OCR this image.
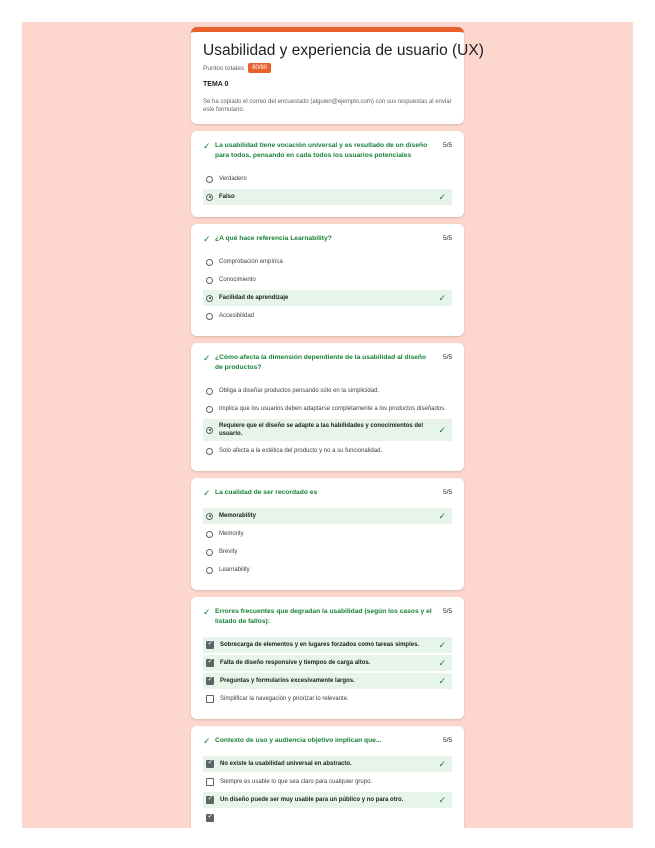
Usabilidad y experiencia de usuario (UX)
Puntos totales	80/80
TEMA 0
Se ha copiado el correo del encuestado (alguien@ejemplo.com) con sus respuestas al enviar este formulario.
✓ La usabilidad tiene vocación universal y es resultado de un diseño para todos, pensando en cada todos los usuarios potenciales
5/5
Verdadero
Falso	✓
✓ ¿A qué hace referencia Learnability?	5/5
Comprobación empírica
Conocimiento
Facilidad de aprendizaje	✓
Accesibilidad
✓ ¿Cómo afecta la dimensión dependiente de la usabilidad al diseño de productos?
5/5
Obliga a diseñar productos pensando sólo en la simplicidad.
Implica que los usuarios deben adaptarse completamente a los productos diseñados.
Requiere que el diseño se adapte a las habilidades y conocimientos del usuario.	✓
Solo afecta a la estética del producto y no a su funcionalidad.
✓ La cualidad de ser recordado es	5/5
Memorability	✓
Memority
Brevity
Learnability
✓ Errores frecuentes que degradan la usabilidad (según los casos y el listado de fallos):
5/5
✓
Sobrecarga de elementos y en lugares forzados como tareas simples.	✓
✓
Falta de diseño responsive y tiempos de carga altos.	✓
✓
Preguntas y formularios excesivamente largos.	✓
Simplificar la navegación y priorizar lo relevante.
✓ Contexto de uso y audiencia objetivo implican que...	5/5
✓
No existe la usabilidad universal en abstracto.	✓
Siempre es usable lo que sea claro para cualquier grupo.
✓
Un diseño puede ser muy usable para un público y no para otro.	✓
✓
